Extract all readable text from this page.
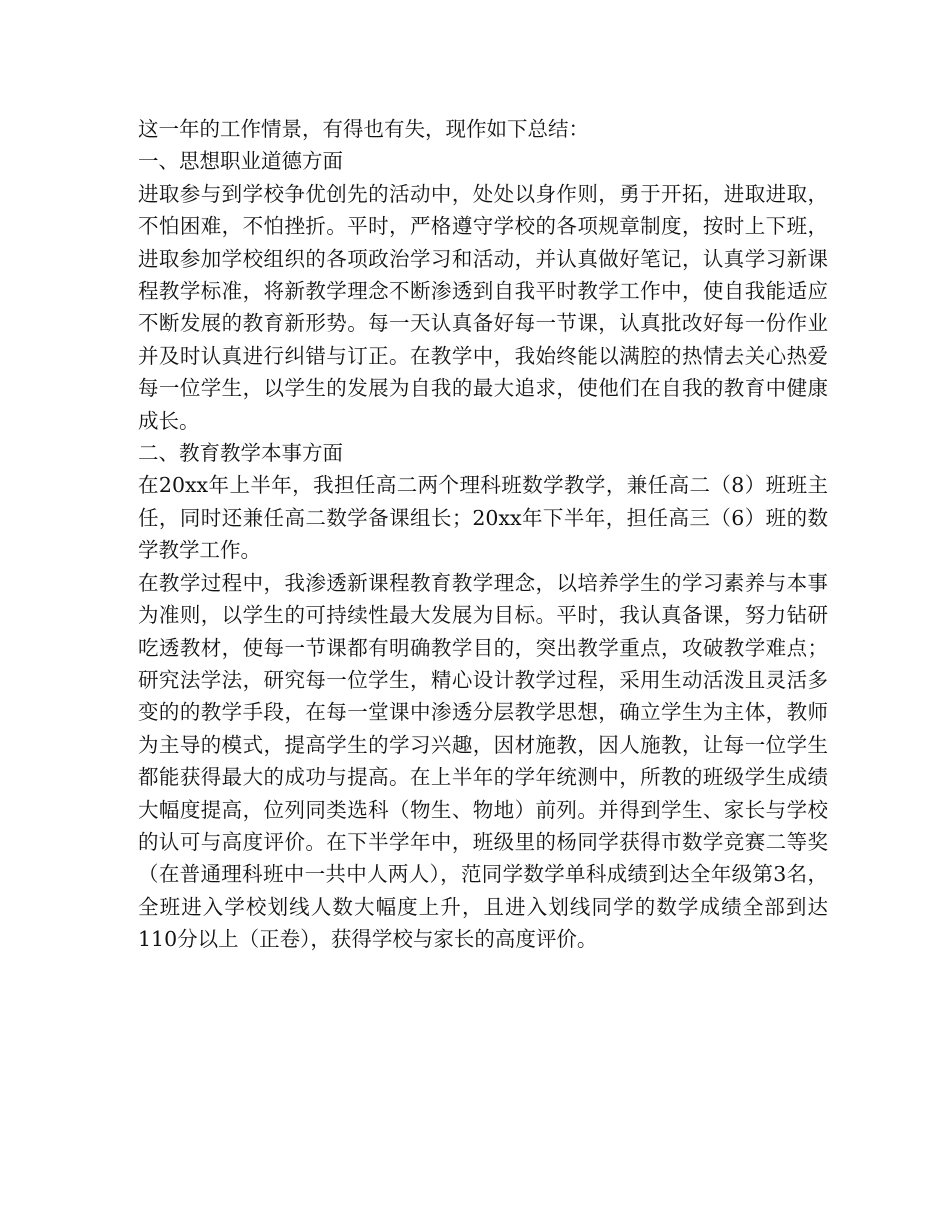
这一年的工作情景，有得也有失，现作如下总结：

一、思想职业道德方面

进取参与到学校争优创先的活动中，处处以身作则，勇于开拓，进取进取，不怕困难，不怕挫折。平时，严格遵守学校的各项规章制度，按时上下班，进取参加学校组织的各项政治学习和活动，并认真做好笔记，认真学习新课程教学标准，将新教学理念不断渗透到自我平时教学工作中，使自我能适应不断发展的教育新形势。每一天认真备好每一节课，认真批改好每一份作业并及时认真进行纠错与订正。在教学中，我始终能以满腔的热情去关心热爱每一位学生，以学生的发展为自我的最大追求，使他们在自我的教育中健康成长。

二、教育教学本事方面

在20xx年上半年，我担任高二两个理科班数学教学，兼任高二（8）班班主任，同时还兼任高二数学备课组长；20xx年下半年，担任高三（6）班的数学教学工作。

在教学过程中，我渗透新课程教育教学理念，以培养学生的学习素养与本事为准则，以学生的可持续性最大发展为目标。平时，我认真备课，努力钻研吃透教材，使每一节课都有明确教学目的，突出教学重点，攻破教学难点；研究法学法，研究每一位学生，精心设计教学过程，采用生动活泼且灵活多变的的教学手段，在每一堂课中渗透分层教学思想，确立学生为主体，教师为主导的模式，提高学生的学习兴趣，因材施教，因人施教，让每一位学生都能获得最大的成功与提高。在上半年的学年统测中，所教的班级学生成绩大幅度提高，位列同类选科（物生、物地）前列。并得到学生、家长与学校的认可与高度评价。在下半学年中，班级里的杨同学获得市数学竞赛二等奖（在普通理科班中一共中人两人），范同学数学单科成绩到达全年级第3名，全班进入学校划线人数大幅度上升，且进入划线同学的数学成绩全部到达110分以上（正卷），获得学校与家长的高度评价。
